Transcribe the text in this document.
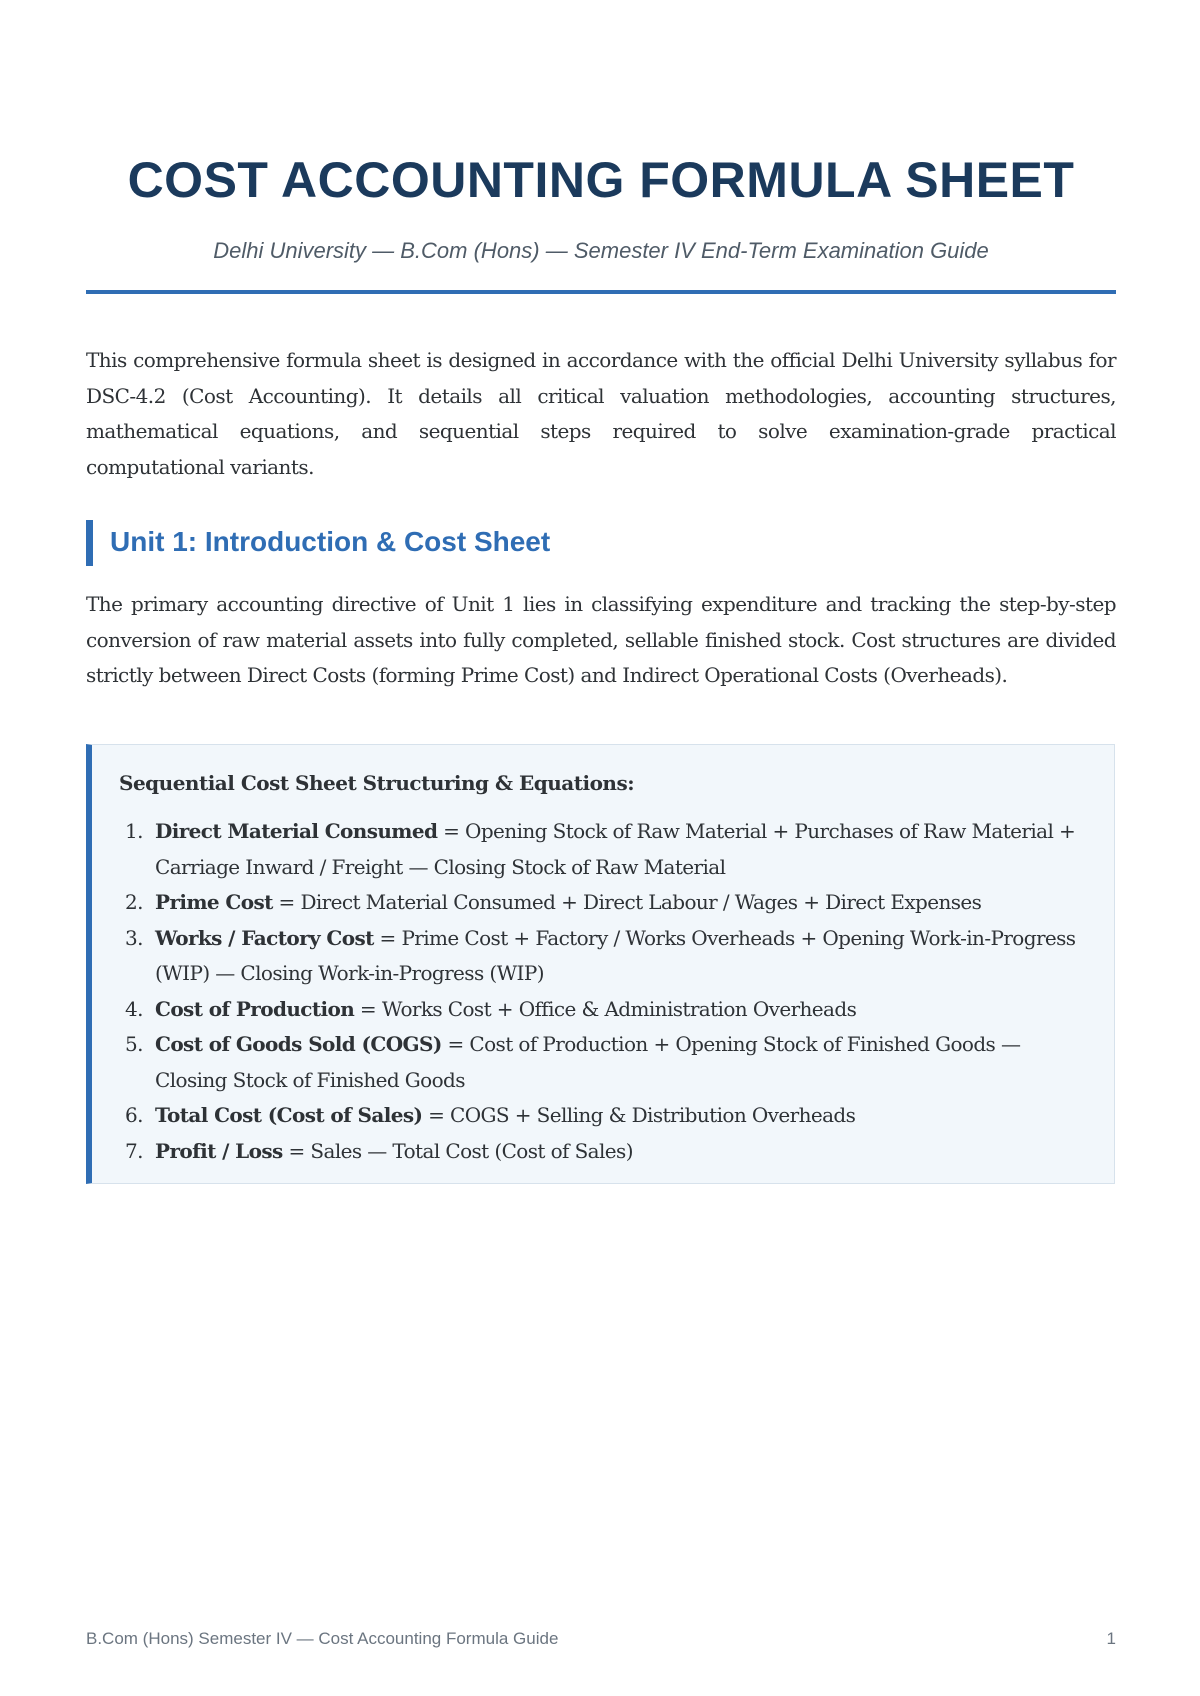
COST ACCOUNTING FORMULA SHEET

Delhi University — B.Com (Hons) — Semester IV End-Term Examination Guide

This comprehensive formula sheet is designed in accordance with the official Delhi University syllabus for DSC-4.2 (Cost Accounting). It details all critical valuation methodologies, accounting structures, mathematical equations, and sequential steps required to solve examination-grade practical computational variants.

Unit 1: Introduction & Cost Sheet

The primary accounting directive of Unit 1 lies in classifying expenditure and tracking the step-by-step conversion of raw material assets into fully completed, sellable finished stock. Cost structures are divided strictly between Direct Costs (forming Prime Cost) and Indirect Operational Costs (Overheads).

Sequential Cost Sheet Structuring & Equations:

1. Direct Material Consumed = Opening Stock of Raw Material + Purchases of Raw Material + Carriage Inward / Freight — Closing Stock of Raw Material
2. Prime Cost = Direct Material Consumed + Direct Labour / Wages + Direct Expenses
3. Works / Factory Cost = Prime Cost + Factory / Works Overheads + Opening Work-in-Progress (WIP) — Closing Work-in-Progress (WIP)
4. Cost of Production = Works Cost + Office & Administration Overheads
5. Cost of Goods Sold (COGS) = Cost of Production + Opening Stock of Finished Goods — Closing Stock of Finished Goods
6. Total Cost (Cost of Sales) = COGS + Selling & Distribution Overheads
7. Profit / Loss = Sales — Total Cost (Cost of Sales)

B.Com (Hons) Semester IV — Cost Accounting Formula Guide	1
